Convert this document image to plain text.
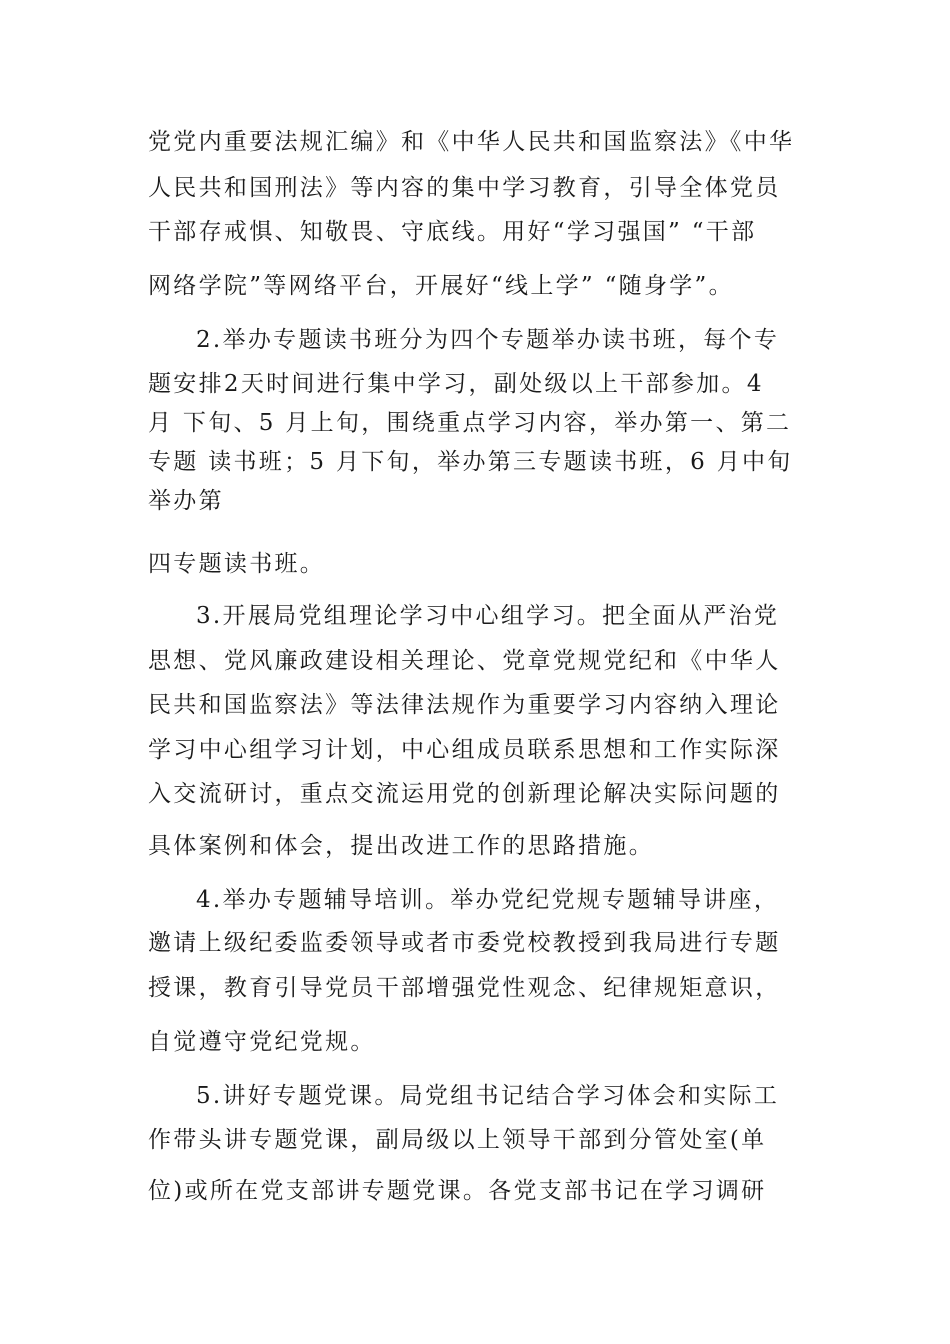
党党内重要法规汇编》和《中华人民共和国监察法》《中华
人民共和国刑法》等内容的集中学习教育，引导全体党员
干部存戒惧、知敬畏、守底线。用好“学习强国” “干部
网络学院”等网络平台，开展好“线上学” “随身学”。
2.举办专题读书班分为四个专题举办读书班，每个专
题安排2天时间进行集中学习，副处级以上干部参加。4
月 下旬、5 月上旬，围绕重点学习内容，举办第一、第二
专题 读书班；5 月下旬，举办第三专题读书班，6 月中旬
举办第
四专题读书班。
3.开展局党组理论学习中心组学习。把全面从严治党
思想、党风廉政建设相关理论、党章党规党纪和《中华人
民共和国监察法》等法律法规作为重要学习内容纳入理论
学习中心组学习计划，中心组成员联系思想和工作实际深
入交流研讨，重点交流运用党的创新理论解决实际问题的
具体案例和体会，提出改进工作的思路措施。
4.举办专题辅导培训。举办党纪党规专题辅导讲座，
邀请上级纪委监委领导或者市委党校教授到我局进行专题
授课，教育引导党员干部增强党性观念、纪律规矩意识，
自觉遵守党纪党规。
5.讲好专题党课。局党组书记结合学习体会和实际工
作带头讲专题党课，副局级以上领导干部到分管处室(单
位)或所在党支部讲专题党课。各党支部书记在学习调研
